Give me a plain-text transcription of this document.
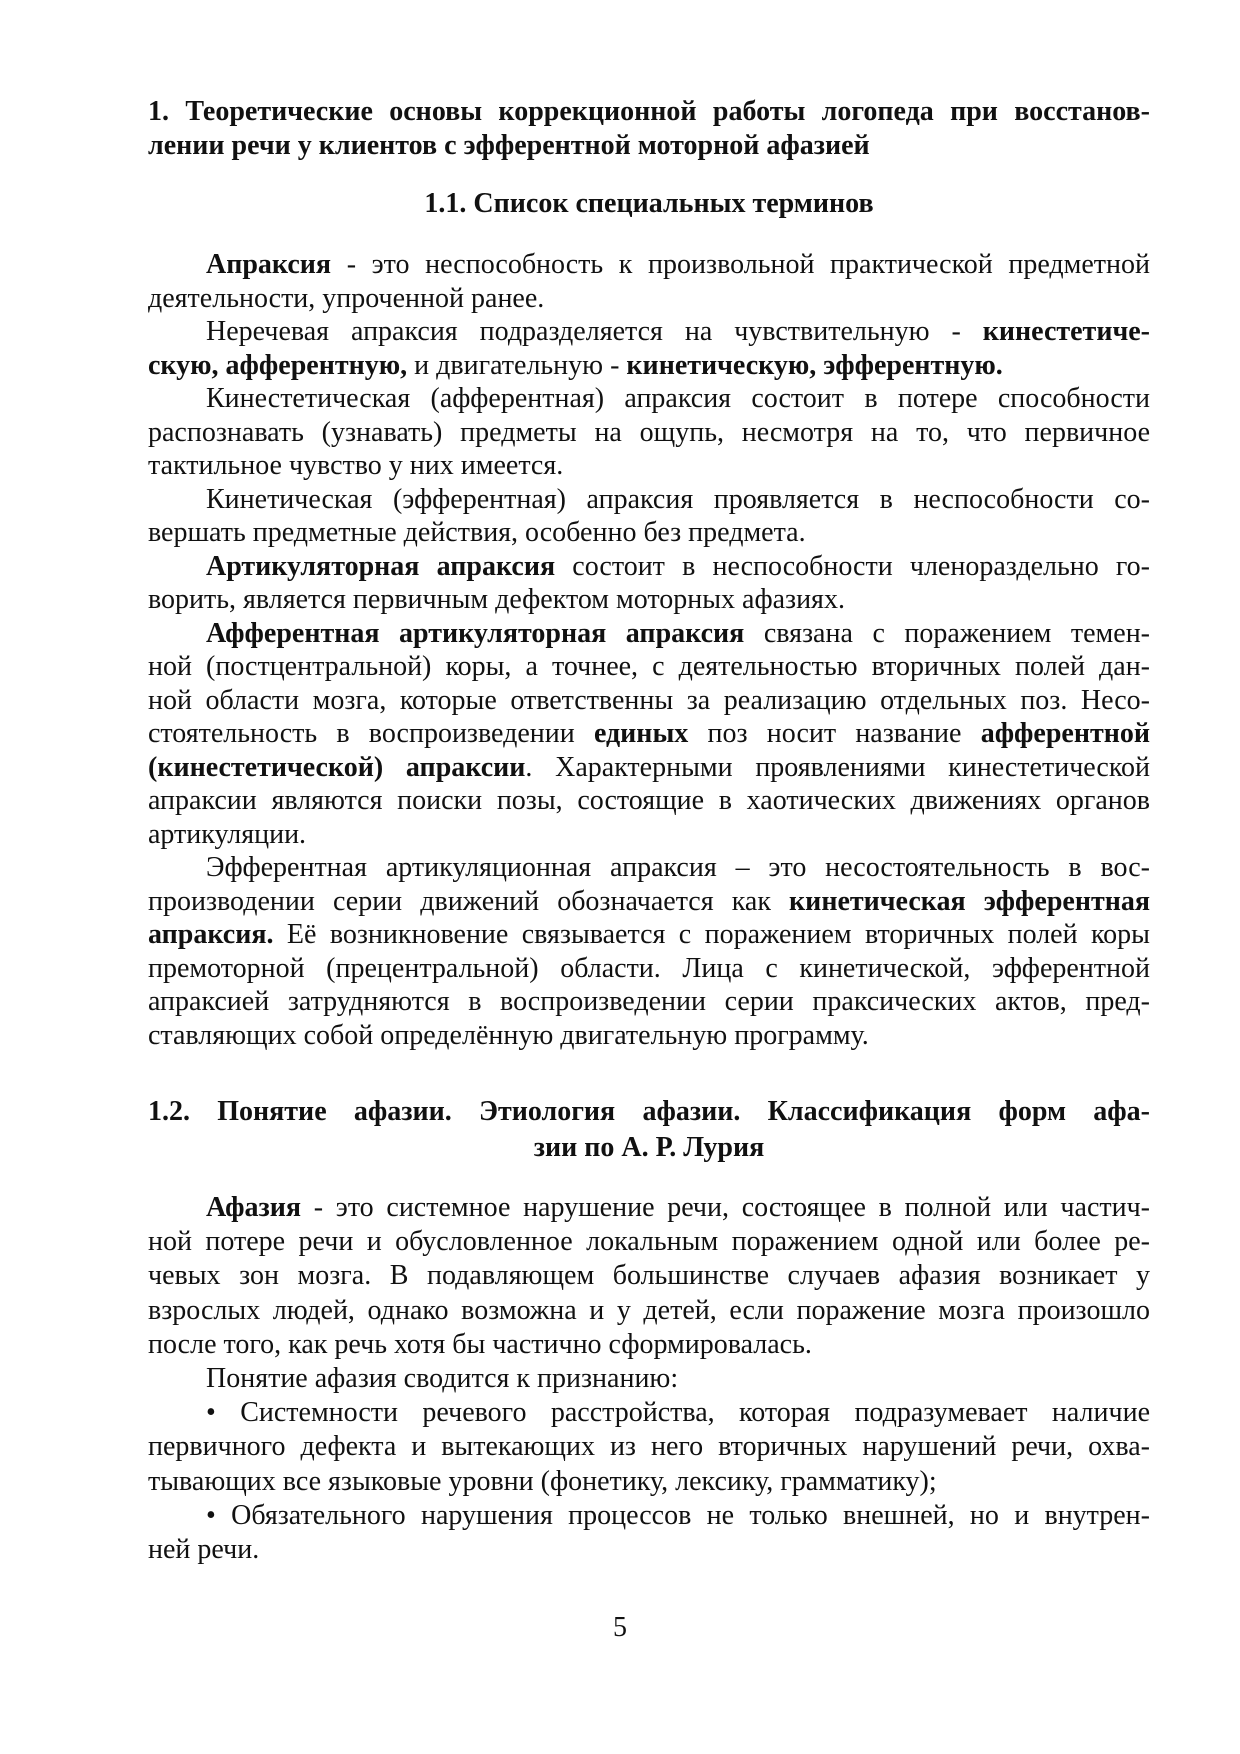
1. Теоретические основы коррекционной работы логопеда при восстанов-
лении речи у клиентов с эфферентной моторной афазией
1.1. Список специальных терминов
Апраксия - это неспособность к произвольной практической предметной
деятельности, упроченной ранее.
Неречевая апраксия подразделяется на чувствительную - кинестетиче-
скую, афферентную, и двигательную - кинетическую, эфферентную.
Кинестетическая (афферентная) апраксия состоит в потере способности
распознавать (узнавать) предметы на ощупь, несмотря на то, что первичное
тактильное чувство у них имеется.
Кинетическая (эфферентная) апраксия проявляется в неспособности со-
вершать предметные действия, особенно без предмета.
Артикуляторная апраксия состоит в неспособности членораздельно го-
ворить, является первичным дефектом моторных афазиях.
Афферентная артикуляторная апраксия связана с поражением темен-
ной (постцентральной) коры, а точнее, с деятельностью вторичных полей дан-
ной области мозга, которые ответственны за реализацию отдельных поз. Несо-
стоятельность в воспроизведении единых поз носит название афферентной
(кинестетической) апраксии. Характерными проявлениями кинестетической
апраксии являются поиски позы, состоящие в хаотических движениях органов
артикуляции.
Эфферентная артикуляционная апраксия – это несостоятельность в вос-
производении серии движений обозначается как кинетическая эфферентная
апраксия. Её возникновение связывается с поражением вторичных полей коры
премоторной (прецентральной) области. Лица с кинетической, эфферентной
апраксией затрудняются в воспроизведении серии праксических актов, пред-
ставляющих собой определённую двигательную программу.
1.2. Понятие афазии. Этиология афазии. Классификация форм афа-
зии по А. Р. Лурия
Афазия - это системное нарушение речи, состоящее в полной или частич-
ной потере речи и обусловленное локальным поражением одной или более ре-
чевых зон мозга. В подавляющем большинстве случаев афазия возникает у
взрослых людей, однако возможна и у детей, если поражение мозга произошло
после того, как речь хотя бы частично сформировалась.
Понятие афазия сводится к признанию:
• Системности речевого расстройства, которая подразумевает наличие
первичного дефекта и вытекающих из него вторичных нарушений речи, охва-
тывающих все языковые уровни (фонетику, лексику, грамматику);
• Обязательного нарушения процессов не только внешней, но и внутрен-
ней речи.
5
